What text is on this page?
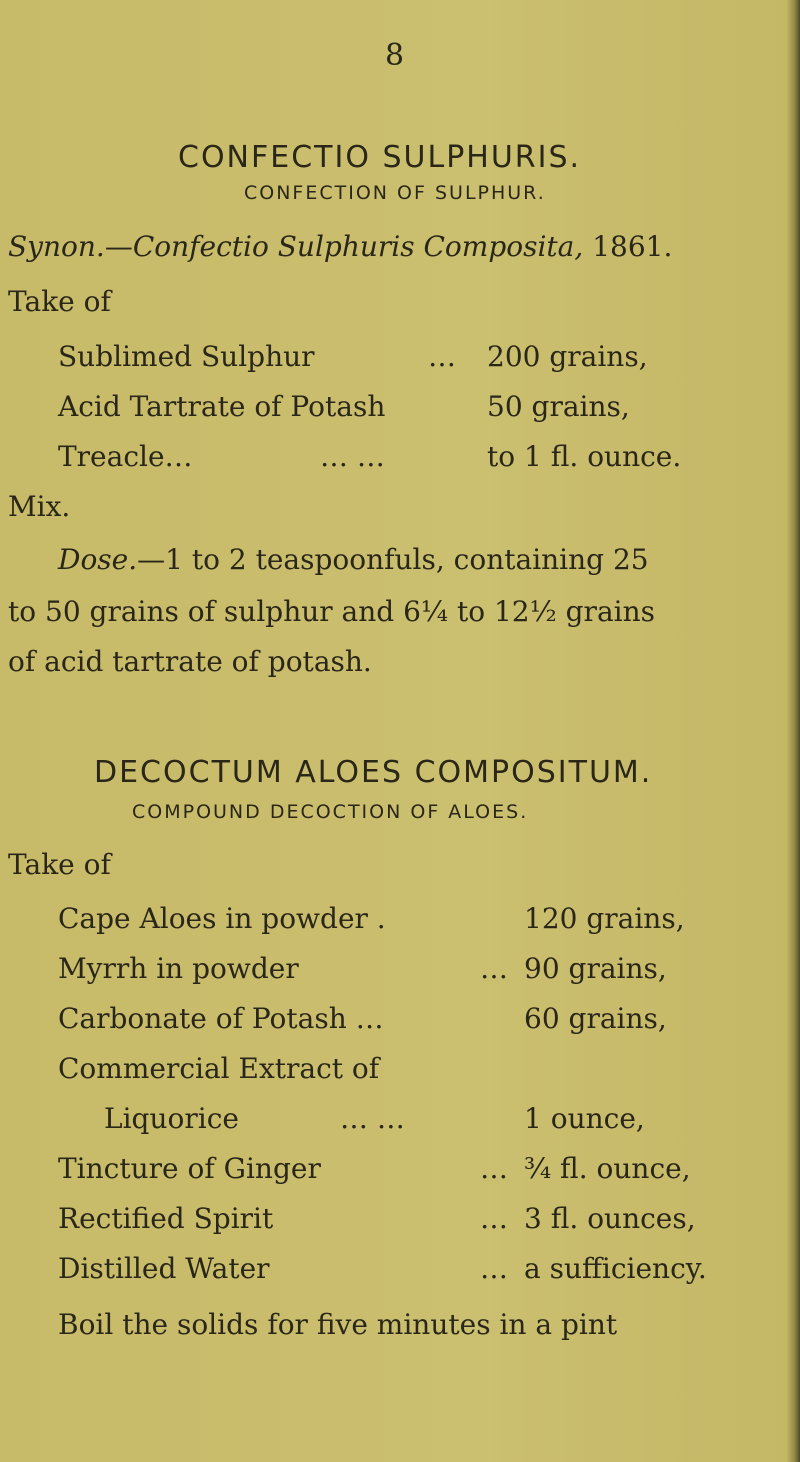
8
CONFECTIO SULPHURIS.
CONFECTION OF SULPHUR.
Synon.—Confectio Sulphuris Composita, 1861.
Take of
Sublimed Sulphur	… 200 grains,
Acid Tartrate of Potash	50 grains,
Treacle…	… …	to 1 fl. ounce.
Mix.
Dose.—1 to 2 teaspoonfuls, containing 25
to 50 grains of sulphur and 6¼ to 12½ grains
of acid tartrate of potash.
DECOCTUM ALOES COMPOSITUM.
COMPOUND DECOCTION OF ALOES.
Take of
Cape Aloes in powder .	120 grains,
Myrrh in powder	… 90 grains,
Carbonate of Potash …	60 grains,
Commercial Extract of
Liquorice	… …	1 ounce,
Tincture of Ginger	… ¾ fl. ounce,
Rectified Spirit	… 3 fl. ounces,
Distilled Water	… a sufficiency.
Boil the solids for five minutes in a pint
